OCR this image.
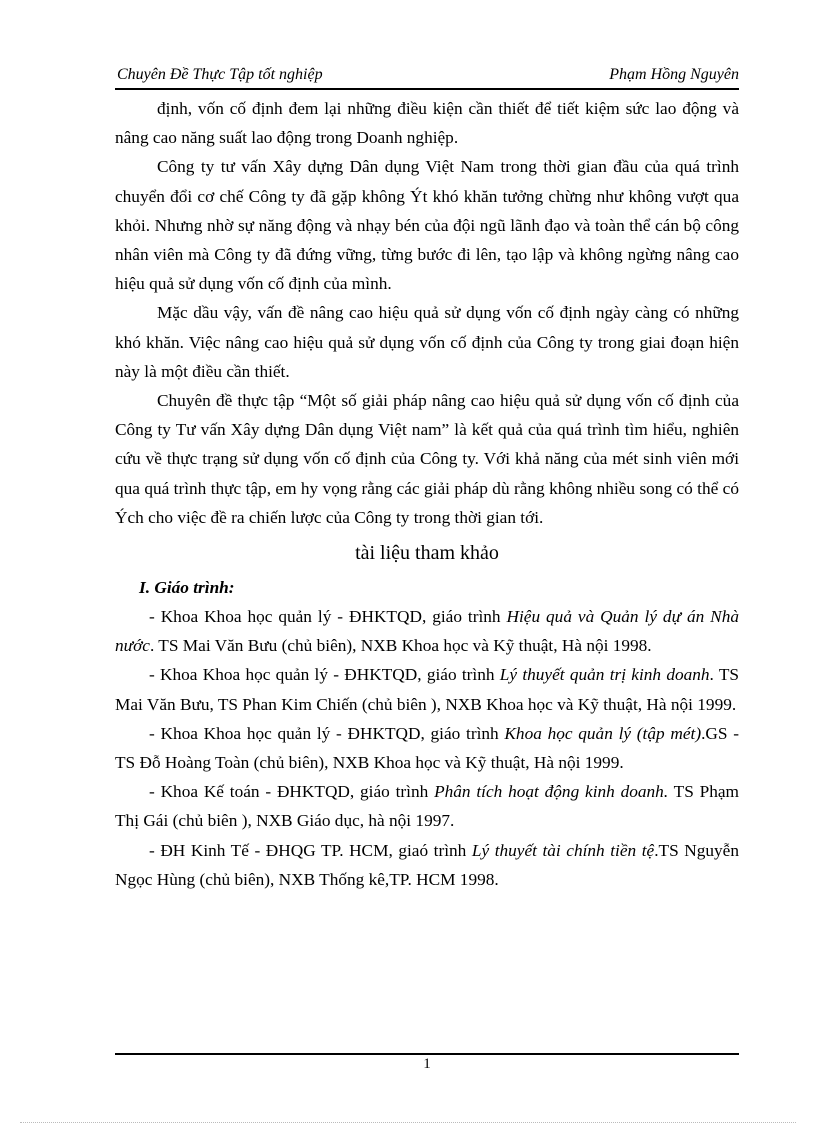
Chuyên Đề Thực Tập tốt nghiệp	Phạm Hồng Nguyên

định, vốn cố định đem lại những điều kiện cần thiết để tiết kiệm sức lao động và nâng cao năng suất lao động trong Doanh nghiệp.

Công ty tư vấn Xây dựng Dân dụng Việt Nam trong thời gian đầu của quá trình chuyển đổi cơ chế Công ty đã gặp không Ýt khó khăn tưởng chừng như không vượt qua khỏi. Nhưng nhờ sự năng động và nhạy bén của đội ngũ lãnh đạo và toàn thể cán bộ công nhân viên mà Công ty đã đứng vững, từng bước đi lên, tạo lập và không ngừng nâng cao hiệu quả sử dụng vốn cố định của mình.

Mặc dầu vậy, vấn đề nâng cao hiệu quả sử dụng vốn cố định ngày càng có những khó khăn. Việc nâng cao hiệu quả sử dụng vốn cố định của Công ty trong giai đoạn hiện này là một điều cần thiết.

Chuyên đề thực tập “Một số giải pháp nâng cao hiệu quả sử dụng vốn cố định của Công ty Tư vấn Xây dựng Dân dụng Việt nam” là kết quả của quá trình tìm hiểu, nghiên cứu về thực trạng sử dụng vốn cố định của Công ty. Với khả năng của mét sinh viên mới qua quá trình thực tập, em hy vọng rằng các giải pháp dù rằng không nhiều song có thể có Ých cho việc đề ra chiến lược của Công ty trong thời gian tới.

tài liệu tham khảo
I. Giáo trình:

- Khoa Khoa học quản lý - ĐHKTQD, giáo trình Hiệu quả và Quản lý dự án Nhà nước. TS Mai Văn Bưu (chủ biên), NXB Khoa học và Kỹ thuật, Hà nội 1998.

- Khoa Khoa học quản lý - ĐHKTQD, giáo trình Lý thuyết quản trị kinh doanh. TS Mai Văn Bưu, TS Phan Kim Chiến (chủ biên ), NXB Khoa học và Kỹ thuật, Hà nội 1999.

- Khoa Khoa học quản lý - ĐHKTQD, giáo trình Khoa học quản lý (tập mét).GS - TS Đỗ Hoàng Toàn (chủ biên), NXB Khoa học và Kỹ thuật, Hà nội 1999.

- Khoa Kế toán - ĐHKTQD, giáo trình Phân tích hoạt động kinh doanh. TS Phạm Thị Gái (chủ biên ), NXB Giáo dục, hà nội 1997.

- ĐH Kinh Tế - ĐHQG TP. HCM, giaó trình Lý thuyết tài chính tiền tệ.TS Nguyễn Ngọc Hùng (chủ biên), NXB Thống kê,TP. HCM 1998.

1
